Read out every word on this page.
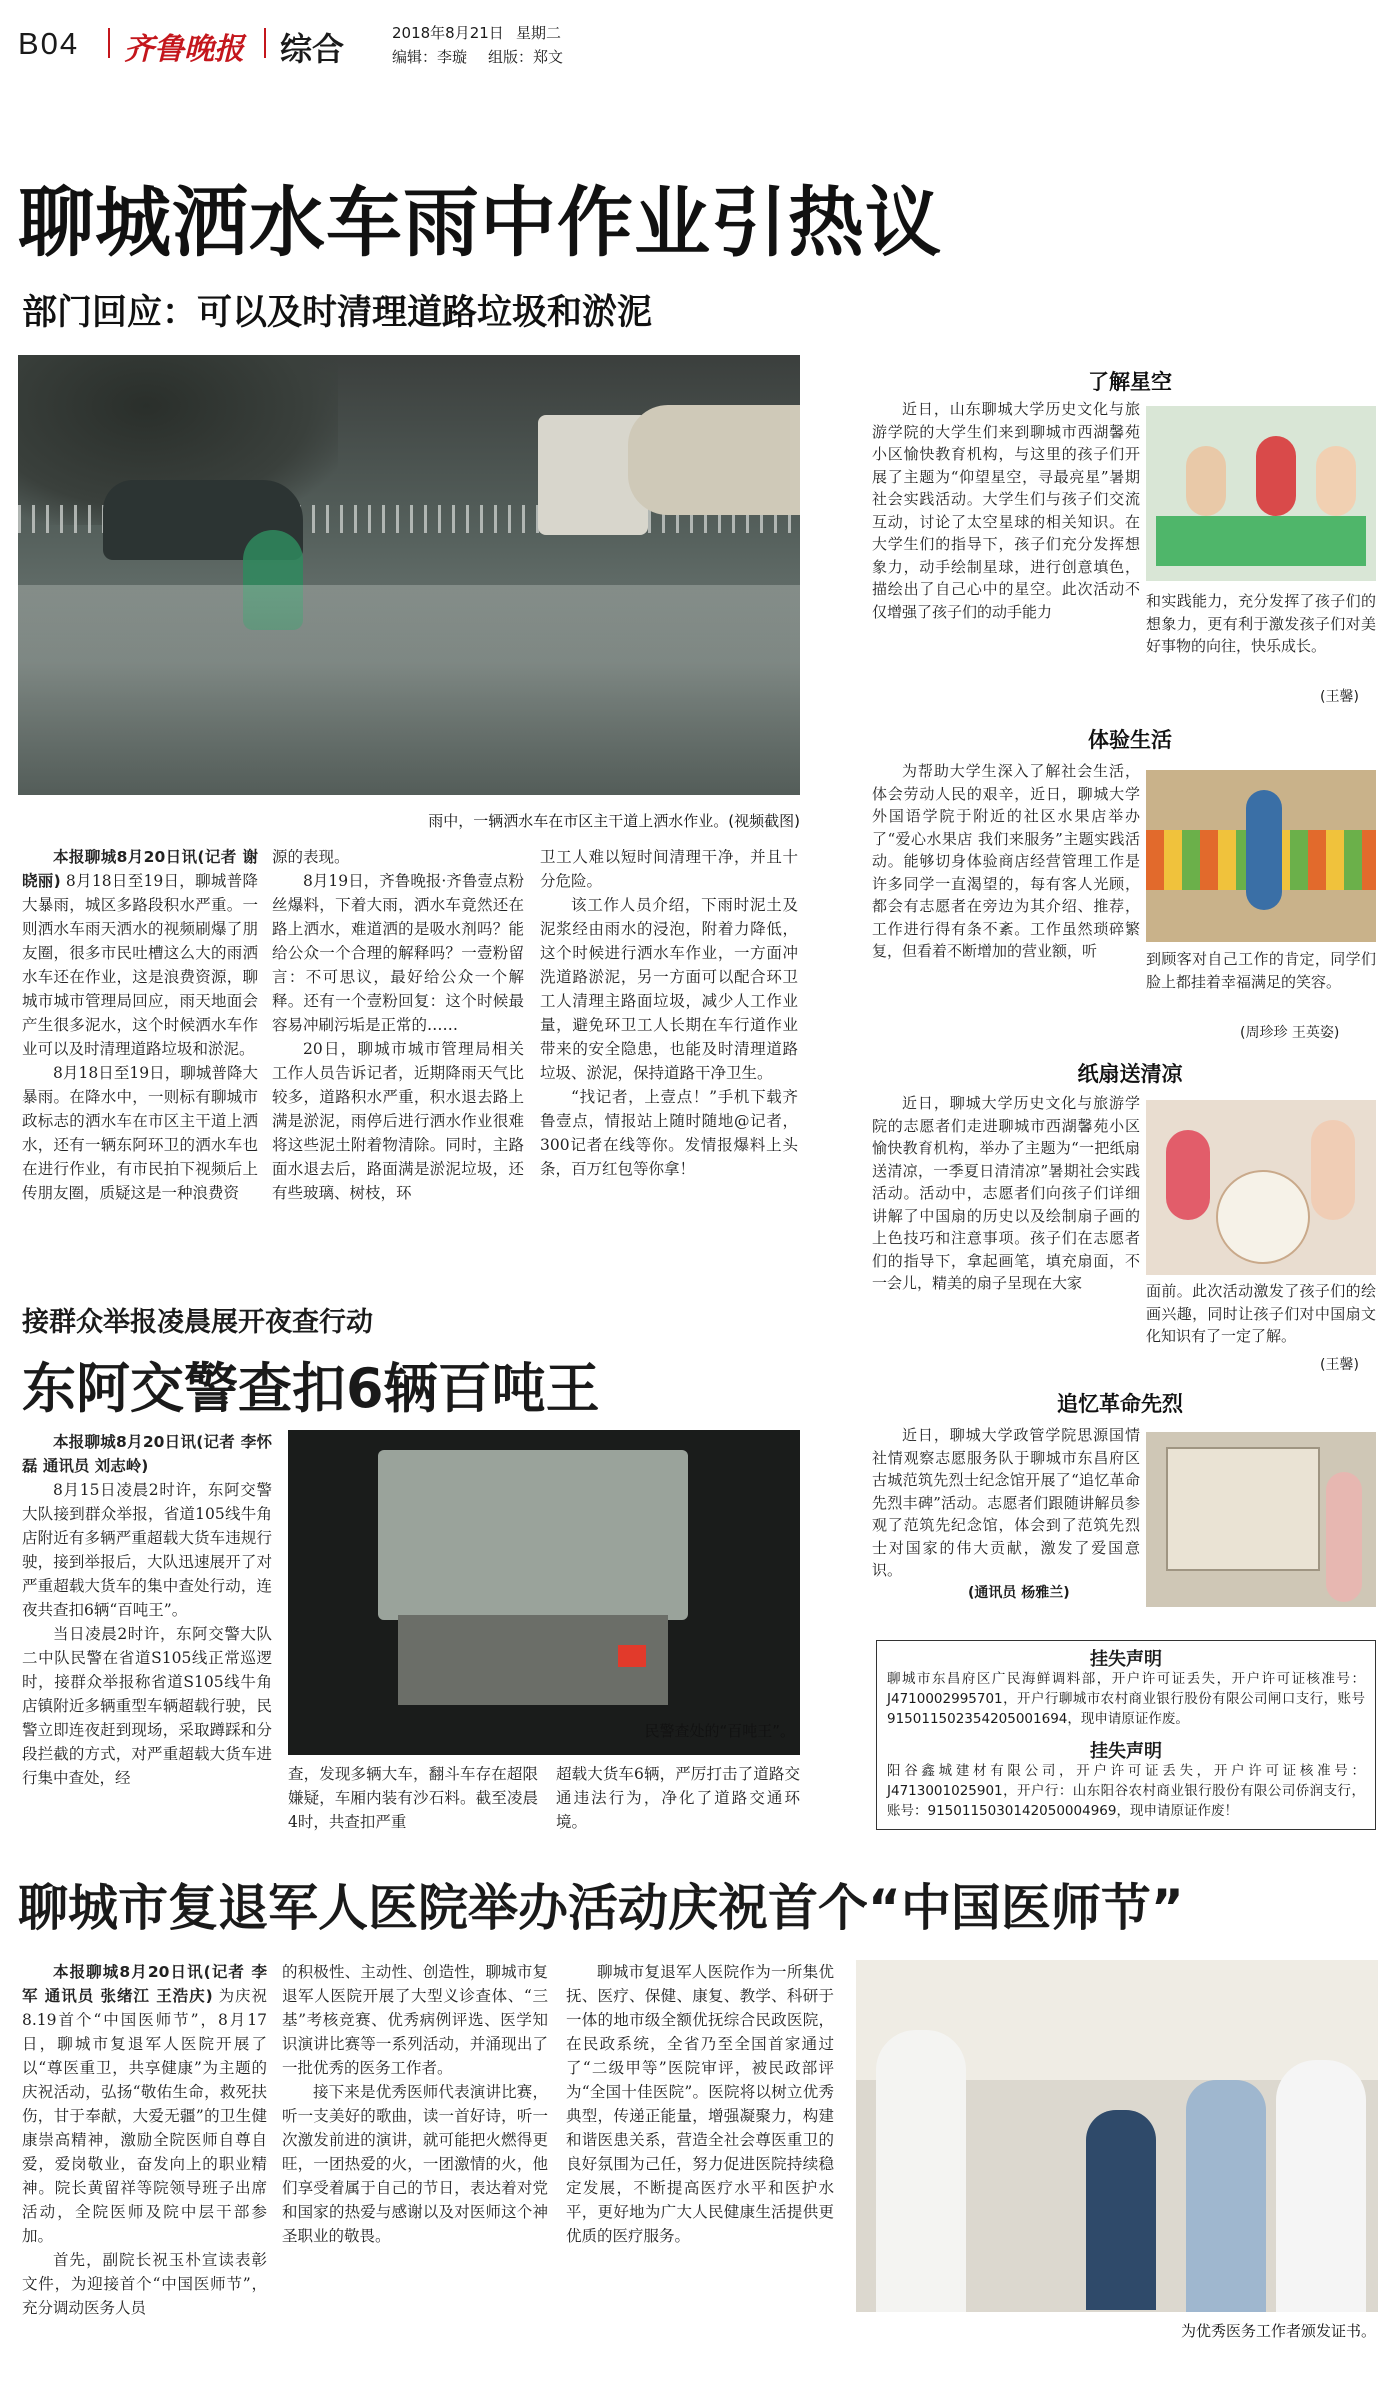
B04 齐鲁晚报 综合	2018年8月21日 星期二
编辑：李璇 组版：郑文
聊城洒水车雨中作业引热议
部门回应：可以及时清理道路垃圾和淤泥
雨中，一辆洒水车在市区主干道上洒水作业。(视频截图)

本报聊城8月20日讯(记者 谢晓丽) 8月18日至19日，聊城普降大暴雨，城区多路段积水严重。一则洒水车雨天洒水的视频刷爆了朋友圈，很多市民吐槽这么大的雨洒水车还在作业，这是浪费资源，聊城市城市管理局回应，雨天地面会产生很多泥水，这个时候洒水车作业可以及时清理道路垃圾和淤泥。

8月18日至19日，聊城普降大暴雨。在降水中，一则标有聊城市政标志的洒水车在市区主干道上洒水，还有一辆东阿环卫的洒水车也在进行作业，有市民拍下视频后上传朋友圈，质疑这是一种浪费资

源的表现。

8月19日，齐鲁晚报·齐鲁壹点粉丝爆料，下着大雨，洒水车竟然还在路上洒水，难道洒的是吸水剂吗？能给公众一个合理的解释吗？一壹粉留言：不可思议，最好给公众一个解释。还有一个壹粉回复：这个时候最容易冲刷污垢是正常的……

20日，聊城市城市管理局相关工作人员告诉记者，近期降雨天气比较多，道路积水严重，积水退去路上满是淤泥，雨停后进行洒水作业很难将这些泥土附着物清除。同时，主路面水退去后，路面满是淤泥垃圾，还有些玻璃、树枝，环

卫工人难以短时间清理干净，并且十分危险。

该工作人员介绍，下雨时泥土及泥浆经由雨水的浸泡，附着力降低，这个时候进行洒水车作业，一方面冲洗道路淤泥，另一方面可以配合环卫工人清理主路面垃圾，减少人工作业量，避免环卫工人长期在车行道作业带来的安全隐患，也能及时清理道路垃圾、淤泥，保持道路干净卫生。

“找记者，上壹点！”手机下载齐鲁壹点，情报站上随时随地@记者，300记者在线等你。发情报爆料上头条，百万红包等你拿！

接群众举报凌晨展开夜查行动
东阿交警查扣6辆百吨王

本报聊城8月20日讯(记者 李怀磊 通讯员 刘志岭)

8月15日凌晨2时许，东阿交警大队接到群众举报，省道105线牛角店附近有多辆严重超载大货车违规行驶，接到举报后，大队迅速展开了对严重超载大货车的集中查处行动，连夜共查扣6辆“百吨王”。

当日凌晨2时许，东阿交警大队二中队民警在省道S105线正常巡逻时，接群众举报称省道S105线牛角店镇附近多辆重型车辆超载行驶，民警立即连夜赶到现场，采取蹲踩和分段拦截的方式，对严重超载大货车进行集中查处，经

民警查处的“百吨王”。

查，发现多辆大车，翻斗车存在超限嫌疑，车厢内装有沙石料。截至凌晨4时，共查扣严重

超载大货车6辆，严厉打击了道路交通违法行为，净化了道路交通环境。

了解星空

近日，山东聊城大学历史文化与旅游学院的大学生们来到聊城市西湖馨苑小区愉快教育机构，与这里的孩子们开展了主题为“仰望星空，寻最亮星”暑期社会实践活动。大学生们与孩子们交流互动，讨论了太空星球的相关知识。在大学生们的指导下，孩子们充分发挥想象力，动手绘制星球，进行创意填色，描绘出了自己心中的星空。此次活动不仅增强了孩子们的动手能力

和实践能力，充分发挥了孩子们的想象力，更有利于激发孩子们对美好事物的向往，快乐成长。

(王馨)
体验生活

为帮助大学生深入了解社会生活，体会劳动人民的艰辛，近日，聊城大学外国语学院于附近的社区水果店举办了“爱心水果店 我们来服务”主题实践活动。能够切身体验商店经营管理工作是许多同学一直渴望的，每有客人光顾，都会有志愿者在旁边为其介绍、推荐，工作进行得有条不紊。工作虽然琐碎繁复，但看着不断增加的营业额，听	到顾客对自己工作的肯定，同学们脸上都挂着幸福满足的笑容。

(周珍珍 王英姿)
纸扇送清凉

近日，聊城大学历史文化与旅游学院的志愿者们走进聊城市西湖馨苑小区愉快教育机构，举办了主题为“一把纸扇送清凉，一季夏日清清凉”暑期社会实践活动。活动中，志愿者们向孩子们详细讲解了中国扇的历史以及绘制扇子画的上色技巧和注意事项。孩子们在志愿者们的指导下，拿起画笔，填充扇面，不一会儿，精美的扇子呈现在大家	面前。此次活动激发了孩子们的绘画兴趣，同时让孩子们对中国扇文化知识有了一定了解。

(王馨)
追忆革命先烈

近日，聊城大学政管学院思源国情社情观察志愿服务队于聊城市东昌府区古城范筑先烈士纪念馆开展了“追忆革命先烈丰碑”活动。志愿者们跟随讲解员参观了范筑先纪念馆，体会到了范筑先烈士对国家的伟大贡献，激发了爱国意识。

(通讯员 杨雅兰)
挂失声明
聊城市东昌府区广民海鲜调料部，开户许可证丢失，开户许可证核准号：J4710002995701，开户行聊城市农村商业银行股份有限公司闸口支行，账号915011502354205001694，现申请原证作废。
挂失声明
阳谷鑫城建材有限公司，开户许可证丢失，开户许可证核准号：J4713001025901，开户行：山东阳谷农村商业银行股份有限公司侨润支行，账号：9150115030142050004969，现申请原证作废！
聊城市复退军人医院举办活动庆祝首个“中国医师节”

本报聊城8月20日讯(记者 李军 通讯员 张绪江 王浩庆) 为庆祝8.19首个“中国医师节”，8月17日，聊城市复退军人医院开展了以“尊医重卫，共享健康”为主题的庆祝活动，弘扬“敬佑生命，救死扶伤，甘于奉献，大爱无疆”的卫生健康崇高精神，激励全院医师自尊自爱，爱岗敬业，奋发向上的职业精神。院长黄留祥等院领导班子出席活动，全院医师及院中层干部参加。

首先，副院长祝玉朴宣读表彰文件，为迎接首个“中国医师节”，充分调动医务人员

的积极性、主动性、创造性，聊城市复退军人医院开展了大型义诊查体、“三基”考核竞赛、优秀病例评选、医学知识演讲比赛等一系列活动，并涌现出了一批优秀的医务工作者。

接下来是优秀医师代表演讲比赛，听一支美好的歌曲，读一首好诗，听一次激发前进的演讲，就可能把火燃得更旺，一团热爱的火，一团激情的火，他们享受着属于自己的节日，表达着对党和国家的热爱与感谢以及对医师这个神圣职业的敬畏。

聊城市复退军人医院作为一所集优抚、医疗、保健、康复、教学、科研于一体的地市级全额优抚综合民政医院，在民政系统，全省乃至全国首家通过了“二级甲等”医院审评，被民政部评为“全国十佳医院”。医院将以树立优秀典型，传递正能量，增强凝聚力，构建和谐医患关系，营造全社会尊医重卫的良好氛围为己任，努力促进医院持续稳定发展，不断提高医疗水平和医护水平，更好地为广大人民健康生活提供更优质的医疗服务。

为优秀医务工作者颁发证书。
